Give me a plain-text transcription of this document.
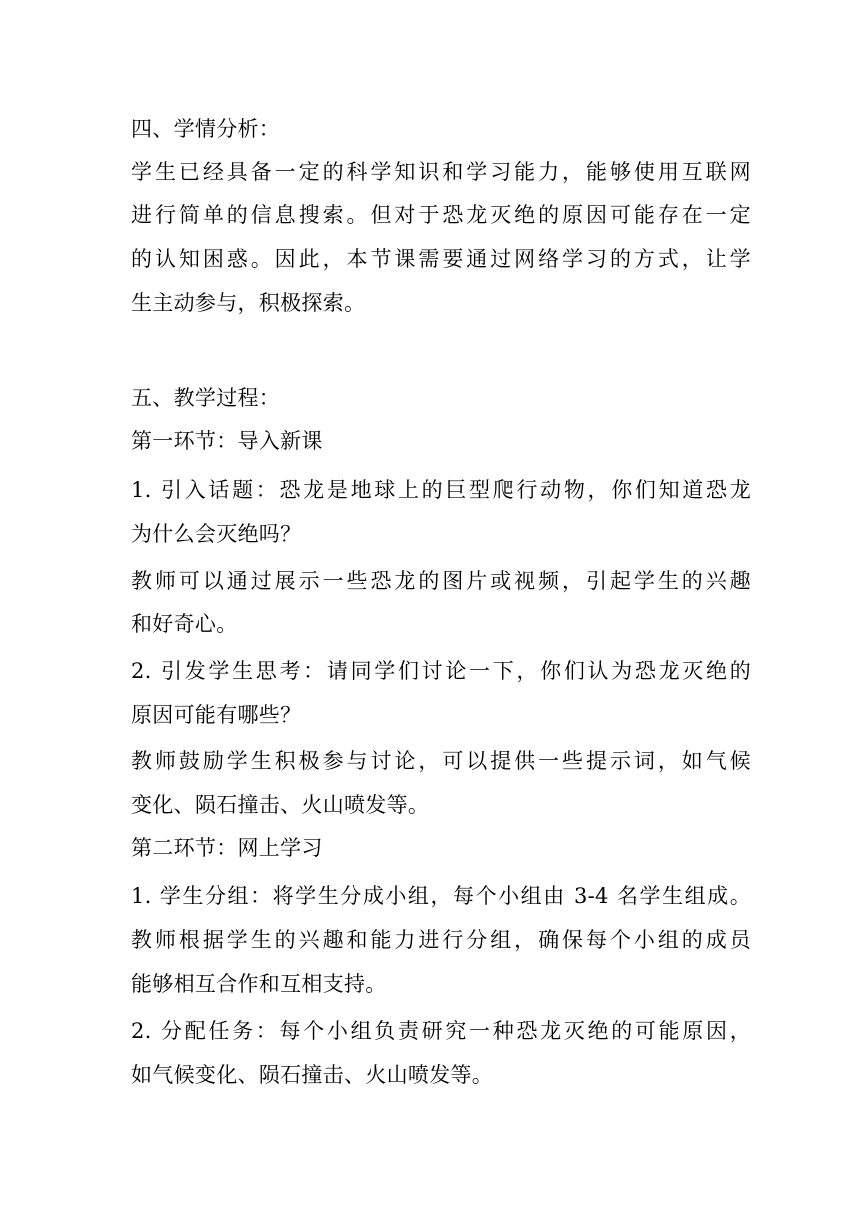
四、学情分析：
学生已经具备一定的科学知识和学习能力，能够使用互联网
进行简单的信息搜索。但对于恐龙灭绝的原因可能存在一定
的认知困惑。因此，本节课需要通过网络学习的方式，让学
生主动参与，积极探索。
五、教学过程：
第一环节：导入新课
1. 引入话题：恐龙是地球上的巨型爬行动物，你们知道恐龙
为什么会灭绝吗？
教师可以通过展示一些恐龙的图片或视频，引起学生的兴趣
和好奇心。
2. 引发学生思考：请同学们讨论一下，你们认为恐龙灭绝的
原因可能有哪些？
教师鼓励学生积极参与讨论，可以提供一些提示词，如气候
变化、陨石撞击、火山喷发等。
第二环节：网上学习
1. 学生分组：将学生分成小组，每个小组由 3-4 名学生组成。
教师根据学生的兴趣和能力进行分组，确保每个小组的成员
能够相互合作和互相支持。
2. 分配任务：每个小组负责研究一种恐龙灭绝的可能原因，
如气候变化、陨石撞击、火山喷发等。
